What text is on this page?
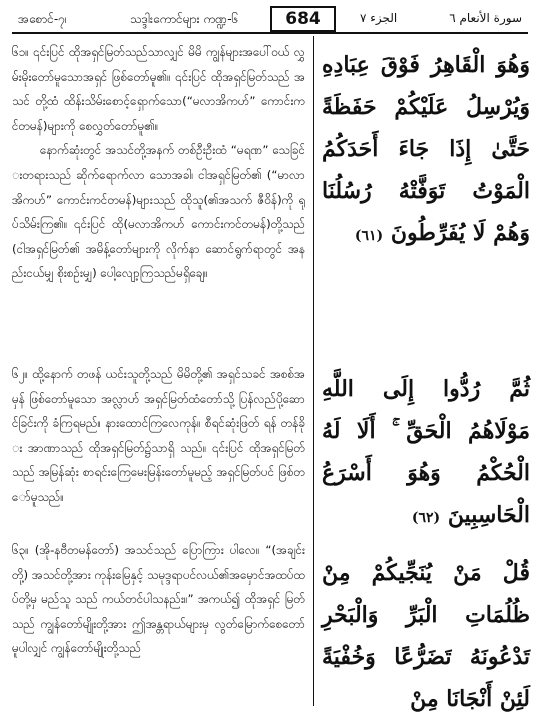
အစောင်-၇၊	သဒ္ဒါးကောင်များ ကဏ္ဍ-၆	684	الجزء ٧	سورة الأنعام ٦

၆၁။ ၎င်းပြင် ထိုအရှင်မြတ်သည်သာလျှင် မိမိ ကျွန်များအပေါ်ဝယ် လွှမ်းမိုးတော်မူသောအရှင် ဖြစ်တော်မူ၏။ ၎င်းပြင် ထိုအရှင်မြတ်သည် အသင် တို့ထံ ထိန်းသိမ်းစောင့်ရှောက်သော(“မလာအိကဟ်” ကောင်းကင်တမန်)များကို စေလွှတ်တော်မူ၏။

နောက်ဆုံးတွင် အသင်တို့အနက် တစ်ဦးဦးထံ “မရဏ” သေခြင်းတရားသည် ဆိုက်ရောက်လာ သောအခါ၊ ငါအရှင်မြတ်၏ (“မာလာအိကဟ်” ကောင်းကင်တမန်)များသည် ထိုသူ(၏အသက် ဇီဝိန်)ကို ရုပ်သိမ်းကြ၏။ ၎င်းပြင် ထို(မလာအိကဟ် ကောင်းကင်တမန်)တို့သည် (ငါအရှင်မြတ်၏ အမိန့်တော်များကို လိုက်နာ ဆောင်ရွက်ရာတွင် အနည်းငယ်မျှ စိုးစဉ်းမျှ) ပေါ့လျော့ကြသည်မရှိချေ။

وَهُوَ الْقَاهِرُ فَوْقَ عِبَادِهِ وَيُرْسِلُ عَلَيْكُمْ حَفَظَةً حَتَّىٰ إِذَا جَاءَ أَحَدَكُمُ الْمَوْتُ تَوَفَّتْهُ رُسُلُنَا وَهُمْ لَا يُفَرِّطُونَ (٦١)

၆၂။ ထို့နောက် တဖန် ယင်းသူတို့သည် မိမိတို့၏ အရှင်သခင် အစစ်အမှန် ဖြစ်တော်မူသော အလ္လာဟ် အရှင်မြတ်ထံတော်သို့ ပြန်လည်ပို့ဆောင်ခြင်းကို ခံကြရမည်။ နားထောင်ကြလေကုန်။ စီရင်ဆုံးဖြတ် ရန် တန်ခိုး အာဏာသည် ထိုအရှင်မြတ်၌သာရှိ သည်။ ၎င်းပြင် ထိုအရှင်မြတ်သည် အမြန်ဆုံး စာရင်းကြေမေးမြန်းတော်မူမည့် အရှင်မြတ်ပင် ဖြစ်တော်မူသည်။

ثُمَّ رُدُّوا إِلَى اللَّهِ مَوْلَاهُمُ الْحَقِّ ۚ أَلَا لَهُ الْحُكْمُ وَهُوَ أَسْرَعُ الْحَاسِبِينَ (٦٢)

၆၃။ (အို-နဗီတမန်တော်) အသင်သည် ပြောကြား ပါလေ။ “(အချင်းတို့) အသင်တို့အား ကုန်းမြေနှင့် သမုဒ္ဒရာပင်လယ်၏အမှောင်အထပ်ထပ်တို့မှ မည်သူ သည် ကယ်တင်ပါသနည်း။” အကယ်၍ ထိုအရှင် မြတ်သည် ကျွန်တော်မျိုးတို့အား ဤအန္တရာယ်များမှ လွတ်မြောက်စေတော်မူပါလျှင် ကျွန်တော်မျိုးတို့သည်

قُلْ مَنْ يُنَجِّيكُمْ مِنْ ظُلُمَاتِ الْبَرِّ وَالْبَحْرِ تَدْعُونَهُ تَضَرُّعًا وَخُفْيَةً لَئِنْ أَنْجَانَا مِنْ
